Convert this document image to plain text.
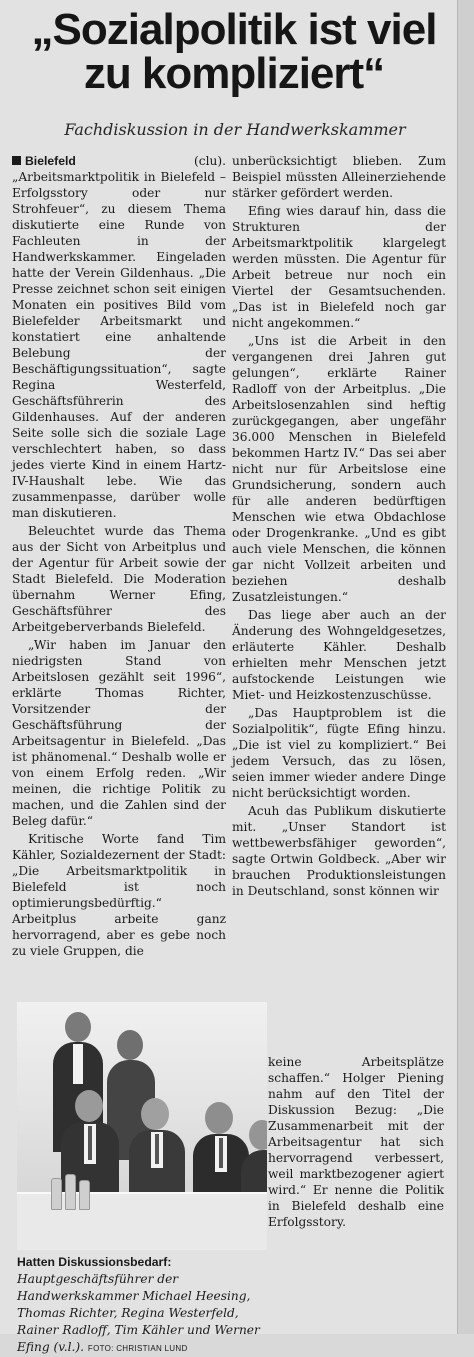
„Sozialpolitik ist viel zu kompliziert“
Fachdiskussion in der Handwerkskammer

Bielefeld	(clu). „Arbeitsmarktpolitik in Bielefeld – Erfolgsstory oder nur Strohfeuer“, zu diesem Thema diskutierte eine Runde von Fachleuten in der Handwerkskammer. Eingeladen hatte der Verein Gildenhaus. „Die Presse zeichnet schon seit einigen Monaten ein positives Bild vom Bielefelder Arbeitsmarkt und konstatiert eine anhaltende Belebung der Beschäftigungssituation“, sagte Regina Westerfeld, Geschäftsführerin des Gildenhauses. Auf der anderen Seite solle sich die soziale Lage verschlechtert haben, so dass jedes vierte Kind in einem Hartz-IV-Haushalt lebe. Wie das zusammenpasse, darüber wolle man diskutieren.

Beleuchtet wurde das Thema aus der Sicht von Arbeitplus und der Agentur für Arbeit sowie der Stadt Bielefeld. Die Moderation übernahm Werner Efing, Geschäftsführer des Arbeitgeberverbands Bielefeld.

„Wir haben im Januar den niedrigsten Stand von Arbeitslosen gezählt seit 1996“, erklärte Thomas Richter, Vorsitzender der Geschäftsführung der Arbeitsagentur in Bielefeld. „Das ist phänomenal.“ Deshalb wolle er von einem Erfolg reden. „Wir meinen, die richtige Politik zu machen, und die Zahlen sind der Beleg dafür.“

Kritische Worte fand Tim Kähler, Sozialdezernent der Stadt: „Die Arbeitsmarktpolitik in Bielefeld ist noch optimierungsbedürftig.“ Arbeitplus arbeite ganz hervorragend, aber es gebe noch zu viele Gruppen, die

unberücksichtigt blieben. Zum Beispiel müssten Alleinerziehende stärker gefördert werden.

Efing wies darauf hin, dass die Strukturen der Arbeitsmarktpolitik klargelegt werden müssten. Die Agentur für Arbeit betreue nur noch ein Viertel der Gesamtsuchenden. „Das ist in Bielefeld noch gar nicht angekommen.“

„Uns ist die Arbeit in den vergangenen drei Jahren gut gelungen“, erklärte Rainer Radloff von der Arbeitplus. „Die Arbeitslosenzahlen sind heftig zurückgegangen, aber ungefähr 36.000 Menschen in Bielefeld bekommen Hartz IV.“ Das sei aber nicht nur für Arbeitslose eine Grundsicherung, sondern auch für alle anderen bedürftigen Menschen wie etwa Obdachlose oder Drogenkranke. „Und es gibt auch viele Menschen, die können gar nicht Vollzeit arbeiten und beziehen deshalb Zusatzleistungen.“

Das liege aber auch an der Änderung des Wohngeldgesetzes, erläuterte Kähler. Deshalb erhielten mehr Menschen jetzt aufstockende Leistungen wie Miet- und Heizkostenzuschüsse.

„Das Hauptproblem ist die Sozialpolitik“, fügte Efing hinzu. „Die ist viel zu kompliziert.“ Bei jedem Versuch, das zu lösen, seien immer wieder andere Dinge nicht berücksichtigt worden.

Acuh das Publikum diskutierte mit. „Unser Standort ist wettbewerbsfähiger geworden“, sagte Ortwin Goldbeck. „Aber wir brauchen Produktionsleistungen in Deutschland, sonst können wir

Hatten Diskussionsbedarf: Hauptgeschäftsführer der Handwerkskammer Michael Heesing, Thomas Richter, Regina Westerfeld, Rainer Radloff, Tim Kähler und Werner Efing (v.l.). FOTO: CHRISTIAN LUND
keine Arbeitsplätze schaffen.“ Holger Piening nahm auf den Titel der Diskussion Bezug: „Die Zusammenarbeit mit der Arbeitsagentur hat sich hervorragend verbessert, weil marktbezogener agiert wird.“ Er nenne die Politik in Bielefeld deshalb eine Erfolgsstory.
